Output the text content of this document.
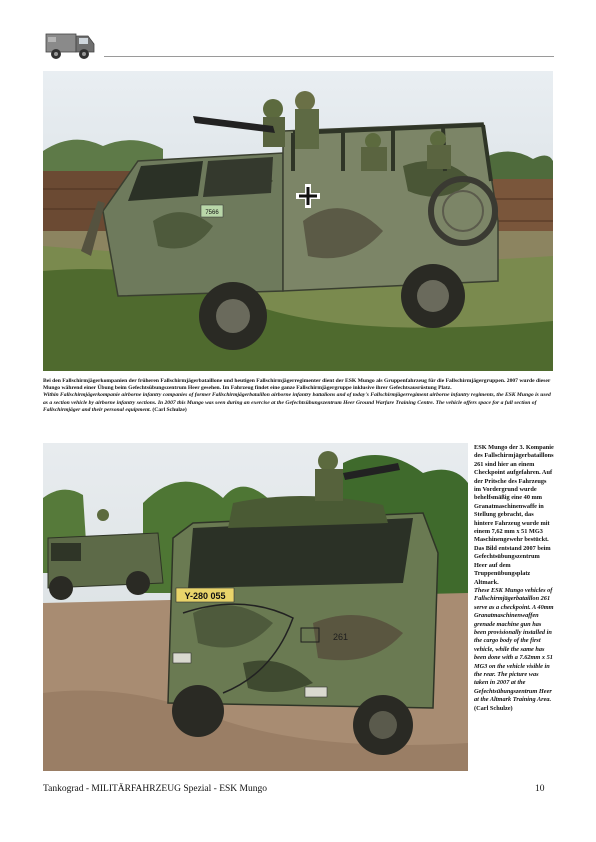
7566

Bei den Fallschirmjägerkompanien der früheren Fallschirmjägerbataillone und heutigen Fallschirmjägerregimenter dient der ESK Mungo als Gruppenfahrzeug für die Fallschirmjägergruppen. 2007 wurde dieser Mungo während einer Übung beim Gefechtsübungszentrum Heer gesehen. Im Fahrzeug findet eine ganze Fallschirmjägergruppe inklusive ihrer Gefechtsausrüstung Platz.

Within Fallschirmjägerkompanie airborne infantry companies of former Fallschirmjägerbataillon airborne infantry battalions and of today's Fallschirmjägerregiment airborne infantry regiments, the ESK Mungo is used as a section vehicle by airborne infantry sections. In 2007 this Mungo was seen during an exercise at the Gefechtsübungszentrum Heer Ground Warfare Training Centre. The vehicle offers space for a full section of Fallschirmjäger and their personal equipment. (Carl Schulze)

Y-280 055
261

ESK Mungo der 3. Kompanie des Fallschirmjägerbataillons 261 sind hier an einem Checkpoint aufgefahren. Auf der Pritsche des Fahrzeugs im Vordergrund wurde behelfsmäßig eine 40 mm Granatmaschinenwaffe in Stellung gebracht, das hintere Fahrzeug wurde mit einem 7,62 mm x 51 MG3 Maschinengewehr bestückt. Das Bild entstand 2007 beim Gefechtsübungszentrum Heer auf dem Truppenübungsplatz Altmark.

These ESK Mungo vehicles of Fallschirmjägerbataillon 261 serve as a checkpoint. A 40mm Granatmaschinenwaffen grenade machine gun has been provisionally installed in the cargo body of the first vehicle, while the same has been done with a 7.62mm x 51 MG3 on the vehicle visible in the rear. The picture was taken in 2007 at the Gefechtsübungszentrum Heer at the Altmark Training Area.

(Carl Schulze)

Tankograd - MILITÄRFAHRZEUG Spezial - ESK Mungo	10
